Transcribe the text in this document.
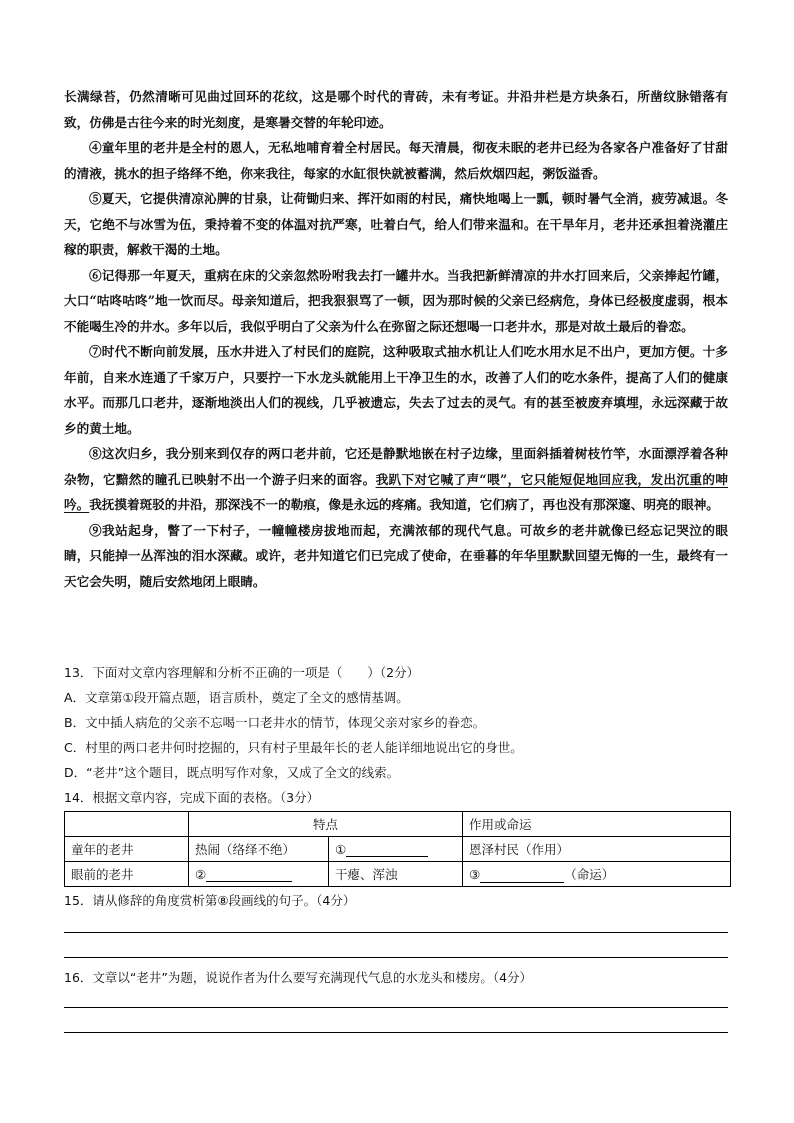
长满绿苔，仍然清晰可见曲过回环的花纹，这是哪个时代的青砖，未有考证。井沿井栏是方块条石，所凿纹脉错落有致，仿佛是古往今来的时光刻度，是寒暑交替的年轮印迹。

④童年里的老井是全村的恩人，无私地哺育着全村居民。每天清晨，彻夜未眠的老井已经为各家各户准备好了甘甜的清液，挑水的担子络绎不绝，你来我往，每家的水缸很快就被蓄满，然后炊烟四起，粥饭溢香。

⑤夏天，它提供清凉沁脾的甘泉，让荷锄归来、挥汗如雨的村民，痛快地喝上一瓢，顿时暑气全消，疲劳减退。冬天，它绝不与冰雪为伍，秉持着不变的体温对抗严寒，吐着白气，给人们带来温和。在干旱年月，老井还承担着浇灌庄稼的职责，解救干渴的土地。

⑥记得那一年夏天，重病在床的父亲忽然吩咐我去打一罐井水。当我把新鲜清凉的井水打回来后，父亲捧起竹罐，大口“咕咚咕咚”地一饮而尽。母亲知道后，把我狠狠骂了一顿，因为那时候的父亲已经病危，身体已经极度虚弱，根本不能喝生冷的井水。多年以后，我似乎明白了父亲为什么在弥留之际还想喝一口老井水，那是对故土最后的眷恋。

⑦时代不断向前发展，压水井进入了村民们的庭院，这种吸取式抽水机让人们吃水用水足不出户，更加方便。十多年前，自来水连通了千家万户，只要拧一下水龙头就能用上干净卫生的水，改善了人们的吃水条件，提高了人们的健康水平。而那几口老井，逐渐地淡出人们的视线，几乎被遗忘，失去了过去的灵气。有的甚至被废弃填埋，永远深藏于故乡的黄土地。

⑧这次归乡，我分别来到仅存的两口老井前，它还是静默地嵌在村子边缘，里面斜插着树枝竹竿，水面漂浮着各种杂物，它黯然的瞳孔已映射不出一个游子归来的面容。我趴下对它喊了声“喂”，它只能短促地回应我，发出沉重的呻吟。我抚摸着斑驳的井沿，那深浅不一的勒痕，像是永远的疼痛。我知道，它们病了，再也没有那深邃、明亮的眼神。

⑨我站起身，瞥了一下村子，一幢幢楼房拔地而起，充满浓郁的现代气息。可故乡的老井就像已经忘记哭泣的眼睛，只能掉一丛浑浊的泪水深藏。或许，老井知道它们已完成了使命，在垂暮的年华里默默回望无悔的一生，最终有一天它会失明，随后安然地闭上眼睛。

13．下面对文章内容理解和分析不正确的一项是（　　）（2分）
A．文章第①段开篇点题，语言质朴，奠定了全文的感情基调。
B．文中插人病危的父亲不忘喝一口老井水的情节，体现父亲对家乡的眷恋。
C．村里的两口老井何时挖掘的，只有村子里最年长的老人能详细地说出它的身世。
D．“老井”这个题目，既点明写作对象，又成了全文的线索。
14．根据文章内容，完成下面的表格。（3分）
	特点		作用或命运
童年的老井	热闹（络绎不绝）	①	恩泽村民（作用）
眼前的老井	②	干瘪、浑浊	③ （命运）
15．请从修辞的角度赏析第⑧段画线的句子。（4分）
16．文章以“老井”为题，说说作者为什么要写充满现代气息的水龙头和楼房。（4分）
